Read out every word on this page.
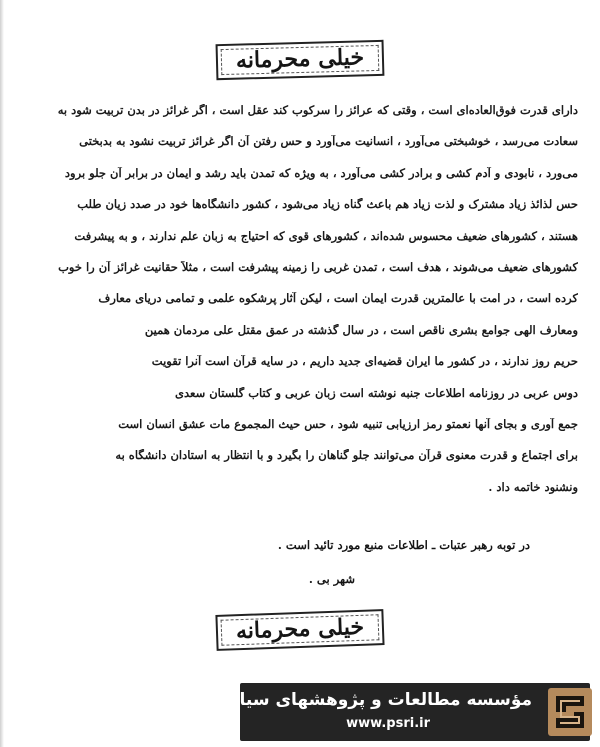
خیلی محرمانه
دارای قدرت فوق‌العاده‌ای است ، وقتی که عرائز را سرکوب کند عقل است ، اگر غرائز در بدن تربیت شود به
سعادت می‌رسد ، خوشبختی می‌آورد ، انسانیت می‌آورد و حس رفتن آن اگر غرائز تربیت نشود به بدبختی
می‌ورد ، نابودی و آدم کشی و برادر کشی می‌آورد ، به ویژه که تمدن باید رشد و ایمان در برابر آن جلو برود
حس لذائذ زیاد مشترک و لذت زیاد هم باعث گناه زیاد می‌شود ، کشور دانشگاه‌ها خود در صدد زیان طلب
هستند ، کشورهای ضعیف محسوس شده‌اند ، کشورهای قوی که احتیاج به زبان علم ندارند ، و به پیشرفت
کشورهای ضعیف می‌شوند ، هدف است ، تمدن غربی را زمینه پیشرفت است ، مثلاً حقانیت غرائز آن را خوب
کرده است ، در امت با عالمترین قدرت ایمان است ، لیکن آثار پرشکوه علمی و تمامی دریای معارف
ومعارف الهی جوامع بشری ناقص است ، در سال گذشته در عمق مقتل علی مردمان همین
حریم روز ندارند ، در کشور ما ایران قضیه‌ای جدید داریم ، در سایه قرآن است آنرا تقویت
دوس عربی در روزنامه اطلاعات جنبه نوشته است زبان عربی و کتاب گلستان سعدی
جمع آوری و بجای آنها نعمتو رمز ارزیابی تنبیه شود ، حس حیث المجموع مات عشق انسان است
برای اجتماع و قدرت معنوی قرآن می‌توانند جلو گناهان را بگیرد و با انتظار به استادان دانشگاه به
ونشنود خاتمه داد .
در توبه رهبر عتبات ـ اطلاعات منبع مورد تائید است .
شهر بی .
خیلی محرمانه
مؤسسه مطالعات و پژوهشهای سیاسی
www.psri.ir
